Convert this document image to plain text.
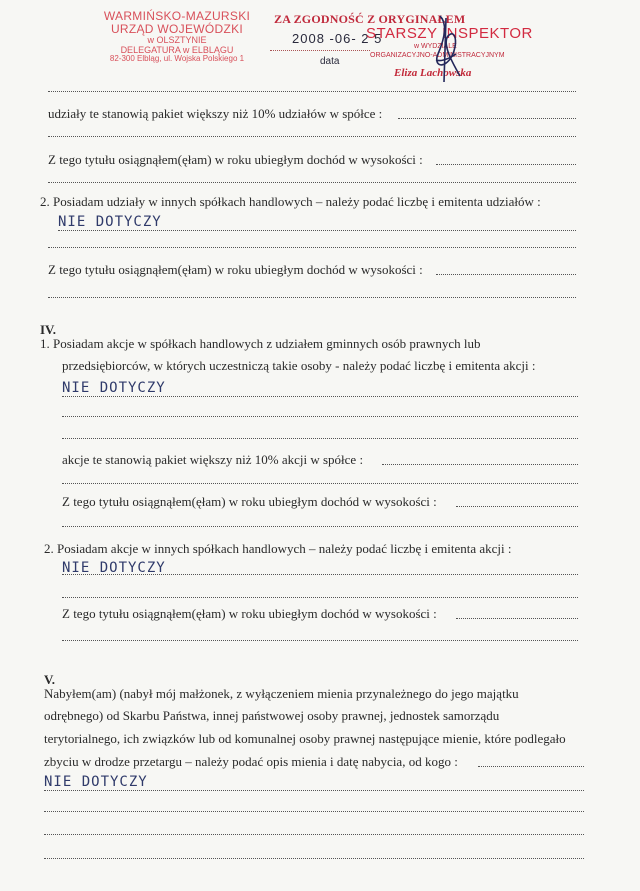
WARMIŃSKO-MAZURSKI
URZĄD WOJEWÓDZKI
w OLSZTYNIE
DELEGATURA w ELBLĄGU
82-300 Elbląg, ul. Wojska Polskiego 1
ZA ZGODNOŚĆ Z ORYGINAŁEM
2008 -06- 2 5
STARSZY INSPEKTOR
w WYDZIALE
ORGANIZACYJNO-ADMINISTRACYJNYM
data
Eliza Lachowska
udziały te stanowią pakiet większy niż 10% udziałów w spółce :
Z tego tytułu osiągnąłem(ęłam) w roku ubiegłym dochód w wysokości :
2. Posiadam udziały w innych spółkach handlowych – należy podać liczbę i emitenta udziałów :
NIE DOTYCZY
Z tego tytułu osiągnąłem(ęłam) w roku ubiegłym dochód w wysokości :
IV.
1. Posiadam akcje w spółkach handlowych z udziałem gminnych osób prawnych lub
przedsiębiorców, w których uczestniczą takie osoby - należy podać liczbę i emitenta akcji :
NIE DOTYCZY
akcje te stanowią pakiet większy niż 10% akcji w spółce :
Z tego tytułu osiągnąłem(ęłam) w roku ubiegłym dochód w wysokości :
2. Posiadam akcje w innych spółkach handlowych – należy podać liczbę i emitenta akcji :
NIE DOTYCZY
Z tego tytułu osiągnąłem(ęłam) w roku ubiegłym dochód w wysokości :
V.
Nabyłem(am) (nabył mój małżonek, z wyłączeniem mienia przynależnego do jego majątku
odrębnego) od Skarbu Państwa, innej państwowej osoby prawnej, jednostek samorządu
terytorialnego, ich związków lub od komunalnej osoby prawnej następujące mienie, które podlegało
zbyciu w drodze przetargu – należy podać opis mienia i datę nabycia, od kogo :
NIE DOTYCZY
